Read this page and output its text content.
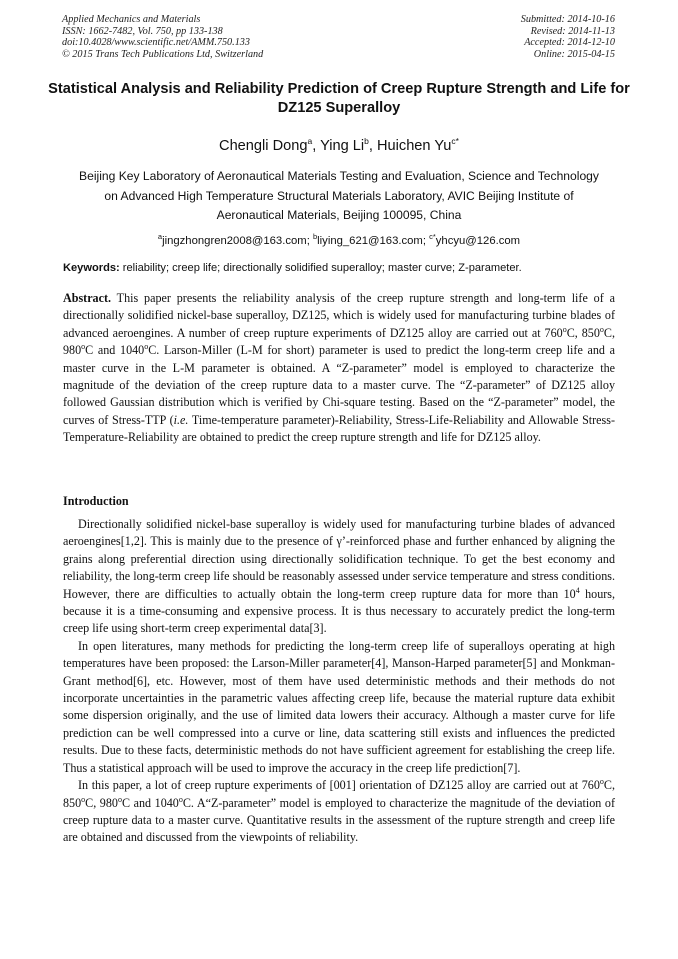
Applied Mechanics and Materials
ISSN: 1662-7482, Vol. 750, pp 133-138
doi:10.4028/www.scientific.net/AMM.750.133
© 2015 Trans Tech Publications Ltd, Switzerland
Submitted: 2014-10-16
Revised: 2014-11-13
Accepted: 2014-12-10
Online: 2015-04-15
Statistical Analysis and Reliability Prediction of Creep Rupture Strength and Life for DZ125 Superalloy
Chengli Dong$^a$, Ying Li$^b$, Huichen $Yu^{c*}$
Beijing Key Laboratory of Aeronautical Materials Testing and Evaluation, Science and Technology
on Advanced High Temperature Structural Materials Laboratory, AVIC Beijing Institute of
Aeronautical Materials, Beijing 100095, China
$^a$jingzhongren2008@163.com; $^b$liying_621@163.com; $^{c*}$yhcyu@126.com
Keywords: reliability; creep life; directionally solidified superalloy; master curve; Z-parameter.
Abstract. This paper presents the reliability analysis of the creep rupture strength and long-term life of a directionally solidified nickel-base superalloy, DZ125, which is widely used for manufacturing turbine blades of advanced aeroengines. A number of creep rupture experiments of DZ125 alloy are carried out at 760$^o$C, 850$^o$C, 980$^o$C and 1040$^o$C. Larson-Miller (L-M for short) parameter is used to predict the long-term creep life and a master curve in the L-M parameter is obtained. A “Z-parameter” model is employed to characterize the magnitude of the deviation of the creep rupture data to a master curve. The “Z-parameter” of DZ125 alloy followed Gaussian distribution which is verified by Chi-square testing. Based on the “Z-parameter” model, the curves of Stress-TTP (i.e. Time-temperature parameter)-Reliability, Stress-Life-Reliability and Allowable Stress-Temperature-Reliability are obtained to predict the creep rupture strength and life for DZ125 alloy.
Introduction

Directionally solidified nickel-base superalloy is widely used for manufacturing turbine blades of advanced aeroengines[1,2]. This is mainly due to the presence of γ’-reinforced phase and further enhanced by aligning the grains along preferential direction using directionally solidification technique. To get the best economy and reliability, the long-term creep life should be reasonably assessed under service temperature and stress conditions. However, there are difficulties to actually obtain the long-term creep rupture data for more than $10^4$ hours, because it is a time-consuming and expensive process. It is thus necessary to accurately predict the long-term creep life using short-term creep experimental data[3].

In open literatures, many methods for predicting the long-term creep life of superalloys operating at high temperatures have been proposed: the Larson-Miller parameter[4], Manson-Harped parameter[5] and Monkman-Grant method[6], etc. However, most of them have used deterministic methods and their methods do not incorporate uncertainties in the parametric values affecting creep life, because the material rupture data exhibit some dispersion originally, and the use of limited data lowers their accuracy. Although a master curve for life prediction can be well compressed into a curve or line, data scattering still exists and influences the predicted results. Due to these facts, deterministic methods do not have sufficient agreement for establishing the creep life. Thus a statistical approach will be used to improve the accuracy in the creep life prediction[7].

In this paper, a lot of creep rupture experiments of [001] orientation of DZ125 alloy are carried out at 760$^o$C, 850$^o$C, 980$^o$C and 1040$^o$C. A“Z-parameter” model is employed to characterize the magnitude of the deviation of creep rupture data to a master curve. Quantitative results in the assessment of the rupture strength and creep life are obtained and discussed from the viewpoints of reliability.
